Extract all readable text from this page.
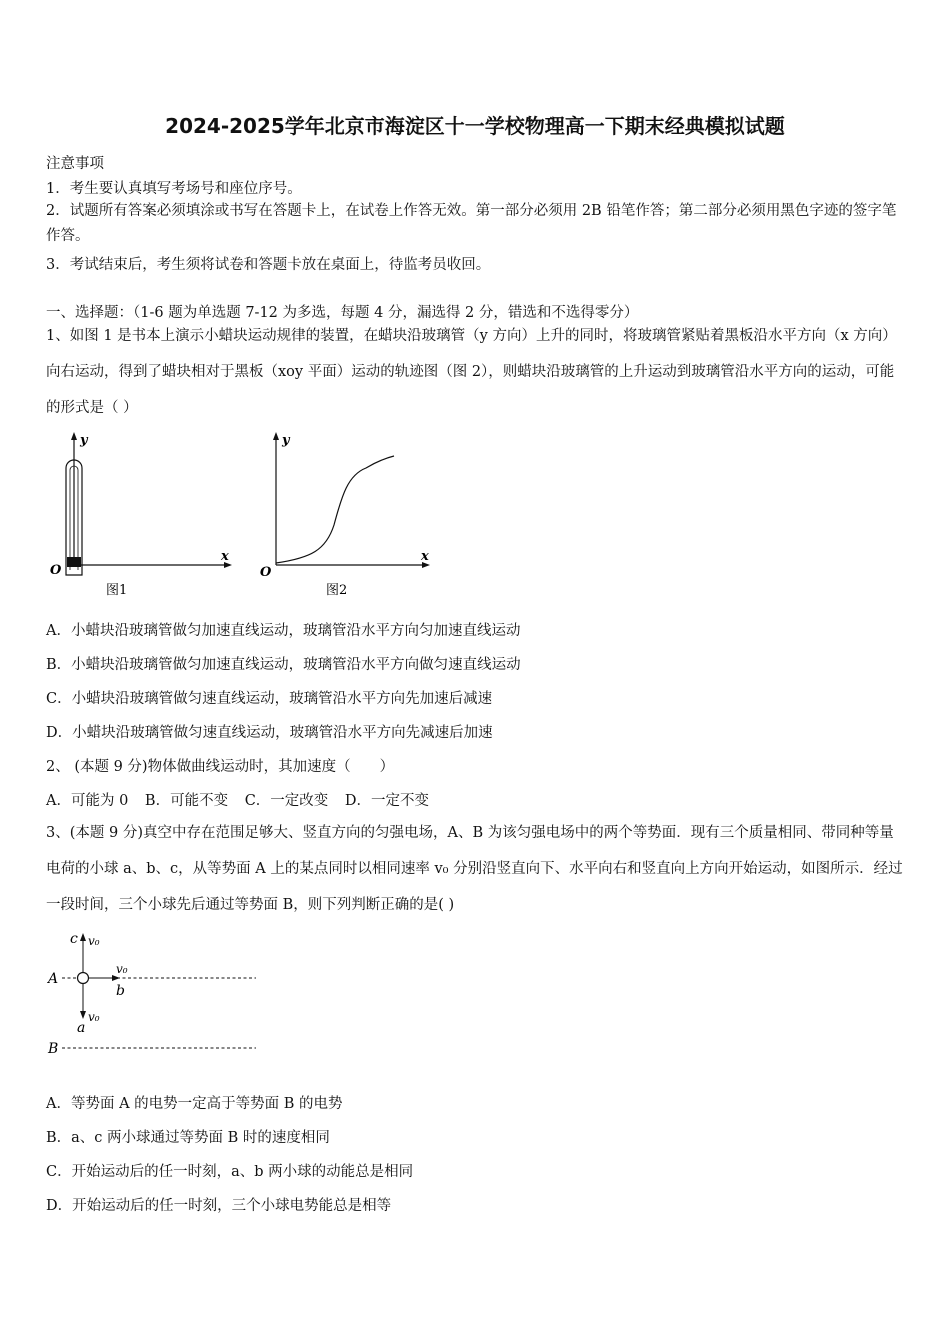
2024-2025学年北京市海淀区十一学校物理高一下期末经典模拟试题
注意事项
1．考生要认真填写考场号和座位序号。
2．试题所有答案必须填涂或书写在答题卡上，在试卷上作答无效。第一部分必须用 2B 铅笔作答；第二部分必须用黑色字迹的签字笔作答。
3．考试结束后，考生须将试卷和答题卡放在桌面上，待监考员收回。
一、选择题：（1-6 题为单选题 7-12 为多选，每题 4 分，漏选得 2 分，错选和不选得零分）
1、如图 1 是书本上演示小蜡块运动规律的装置，在蜡块沿玻璃管（y 方向）上升的同时，将玻璃管紧贴着黑板沿水平方向（x 方向）向右运动，得到了蜡块相对于黑板（xoy 平面）运动的轨迹图（图 2），则蜡块沿玻璃管的上升运动到玻璃管沿水平方向的运动，可能的形式是（ ）
y
x
O
图1
y
x
O
图2
A．小蜡块沿玻璃管做匀加速直线运动，玻璃管沿水平方向匀加速直线运动
B．小蜡块沿玻璃管做匀加速直线运动，玻璃管沿水平方向做匀速直线运动
C．小蜡块沿玻璃管做匀速直线运动，玻璃管沿水平方向先加速后减速
D．小蜡块沿玻璃管做匀速直线运动，玻璃管沿水平方向先减速后加速
2、 (本题 9 分)物体做曲线运动时，其加速度（　　）
A．可能为 0 B．可能不变 C．一定改变 D．一定不变
3、(本题 9 分)真空中存在范围足够大、竖直方向的匀强电场，A、B 为该匀强电场中的两个等势面．现有三个质量相同、带同种等量电荷的小球 a、b、c，从等势面 A 上的某点同时以相同速率 v₀ 分别沿竖直向下、水平向右和竖直向上方向开始运动，如图所示．经过一段时间，三个小球先后通过等势面 B，则下列判断正确的是( )
A
B
c v₀
v₀
b
v₀
a
A．等势面 A 的电势一定高于等势面 B 的电势
B．a、c 两小球通过等势面 B 时的速度相同
C．开始运动后的任一时刻，a、b 两小球的动能总是相同
D．开始运动后的任一时刻，三个小球电势能总是相等
